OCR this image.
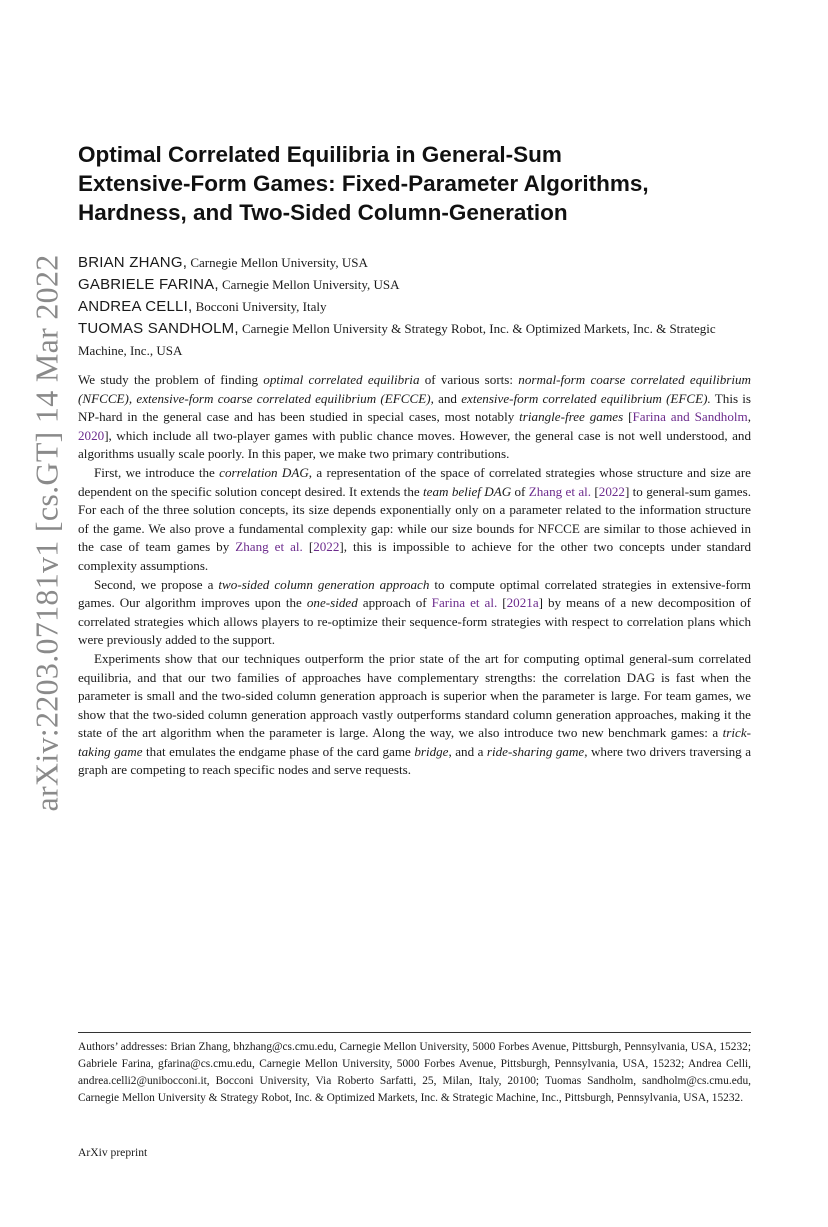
arXiv:2203.07181v1 [cs.GT] 14 Mar 2022
Optimal Correlated Equilibria in General-Sum
Extensive-Form Games: Fixed-Parameter Algorithms,
Hardness, and Two-Sided Column-Generation
BRIAN ZHANG, Carnegie Mellon University, USA
GABRIELE FARINA, Carnegie Mellon University, USA
ANDREA CELLI, Bocconi University, Italy
TUOMAS SANDHOLM, Carnegie Mellon University & Strategy Robot, Inc. & Optimized Markets, Inc. & Strategic Machine, Inc., USA

We study the problem of finding optimal correlated equilibria of various sorts: normal-form coarse correlated equilibrium (NFCCE), extensive-form coarse correlated equilibrium (EFCCE), and extensive-form correlated equilibrium (EFCE). This is NP-hard in the general case and has been studied in special cases, most notably triangle-free games [Farina and Sandholm, 2020], which include all two-player games with public chance moves. However, the general case is not well understood, and algorithms usually scale poorly. In this paper, we make two primary contributions.

First, we introduce the correlation DAG, a representation of the space of correlated strategies whose structure and size are dependent on the specific solution concept desired. It extends the team belief DAG of Zhang et al. [2022] to general-sum games. For each of the three solution concepts, its size depends exponentially only on a parameter related to the information structure of the game. We also prove a fundamental complexity gap: while our size bounds for NFCCE are similar to those achieved in the case of team games by Zhang et al. [2022], this is impossible to achieve for the other two concepts under standard complexity assumptions.

Second, we propose a two-sided column generation approach to compute optimal correlated strategies in extensive-form games. Our algorithm improves upon the one-sided approach of Farina et al. [2021a] by means of a new decomposition of correlated strategies which allows players to re-optimize their sequence-form strategies with respect to correlation plans which were previously added to the support.

Experiments show that our techniques outperform the prior state of the art for computing optimal general-sum correlated equilibria, and that our two families of approaches have complementary strengths: the correlation DAG is fast when the parameter is small and the two-sided column generation approach is superior when the parameter is large. For team games, we show that the two-sided column generation approach vastly outperforms standard column generation approaches, making it the state of the art algorithm when the parameter is large. Along the way, we also introduce two new benchmark games: a trick-taking game that emulates the endgame phase of the card game bridge, and a ride-sharing game, where two drivers traversing a graph are competing to reach specific nodes and serve requests.

Authors’ addresses: Brian Zhang, bhzhang@cs.cmu.edu, Carnegie Mellon University, 5000 Forbes Avenue, Pittsburgh, Pennsylvania, USA, 15232; Gabriele Farina, gfarina@cs.cmu.edu, Carnegie Mellon University, 5000 Forbes Avenue, Pittsburgh, Pennsylvania, USA, 15232; Andrea Celli, andrea.celli2@unibocconi.it, Bocconi University, Via Roberto Sarfatti, 25, Milan, Italy, 20100; Tuomas Sandholm, sandholm@cs.cmu.edu, Carnegie Mellon University & Strategy Robot, Inc. & Optimized Markets, Inc. & Strategic Machine, Inc., Pittsburgh, Pennsylvania, USA, 15232.
ArXiv preprint
